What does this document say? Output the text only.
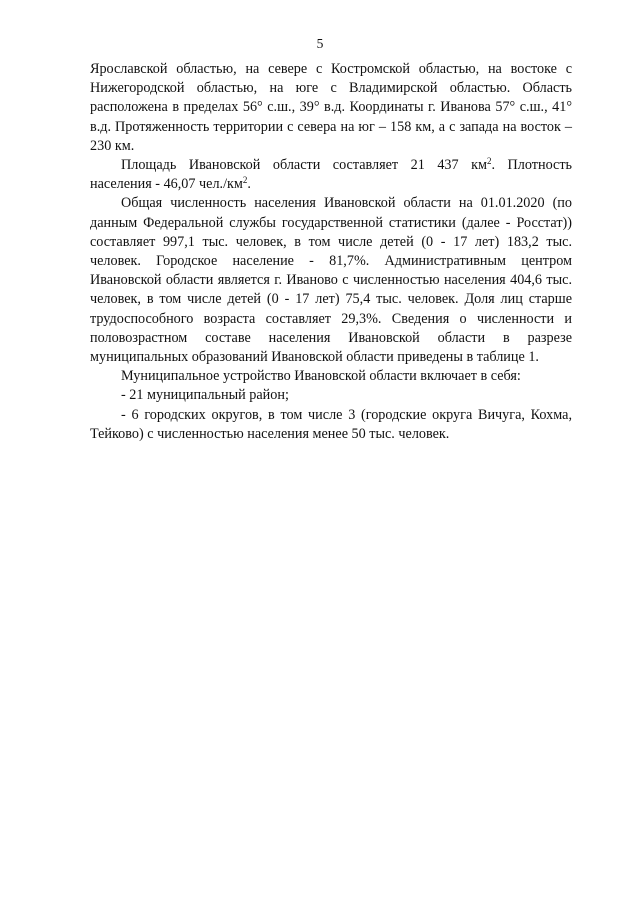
5

Ярославской областью, на севере с Костромской областью, на востоке с Нижегородской областью, на юге с Владимирской областью. Область расположена в пределах 56° с.ш., 39° в.д. Координаты г. Иванова 57° с.ш., 41° в.д. Протяженность территории с севера на юг – 158 км, а с запада на восток – 230 км.

Площадь Ивановской области составляет 21 437 $км^2$. Плотность населения - 46,07 $чел./км^2$.

Общая численность населения Ивановской области на 01.01.2020 (по данным Федеральной службы государственной статистики (далее - Росстат)) составляет 997,1 тыс. человек, в том числе детей (0 - 17 лет) 183,2 тыс. человек. Городское население - 81,7%. Административным центром Ивановской области является г. Иваново с численностью населения 404,6 тыс. человек, в том числе детей (0 - 17 лет) 75,4 тыс. человек. Доля лиц старше трудоспособного возраста составляет 29,3%. Сведения о численности и половозрастном составе населения Ивановской области в разрезе муниципальных образований Ивановской области приведены в таблице 1.

Муниципальное устройство Ивановской области включает в себя:

- 21 муниципальный район;

- 6 городских округов, в том числе 3 (городские округа Вичуга, Кохма, Тейково) с численностью населения менее 50 тыс. человек.
